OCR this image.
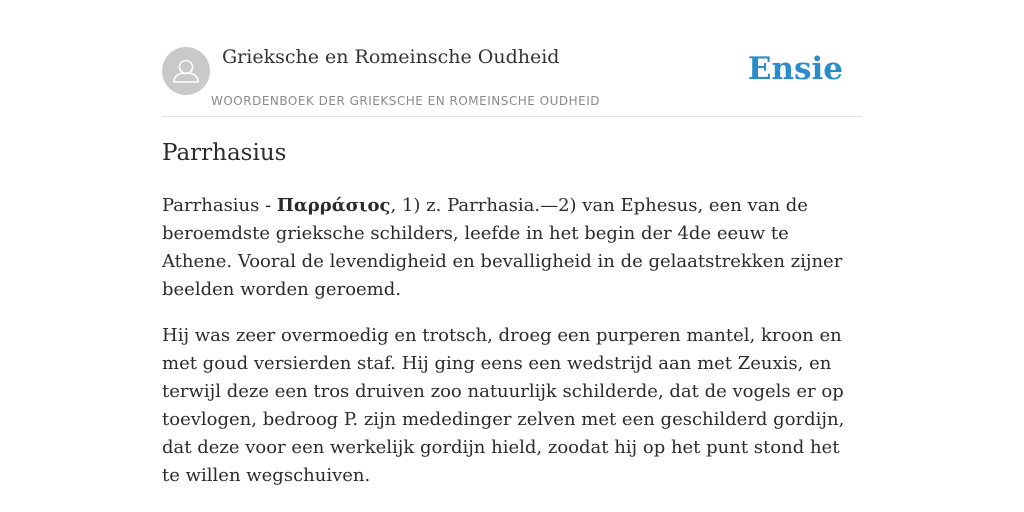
Grieksche en Romeinsche Oudheid
WOORDENBOEK DER GRIEKSCHE EN ROMEINSCHE OUDHEID
Ensie
Parrhasius

Parrhasius - Παρράσιος, 1) z. Parrhasia.—2) van Ephesus, een van de beroemdste grieksche schilders, leefde in het begin der 4de eeuw te Athene. Vooral de levendigheid en bevalligheid in de gelaatstrekken zijner beelden worden geroemd.

Hij was zeer overmoedig en trotsch, droeg een purperen mantel, kroon en met goud versierden staf. Hij ging eens een wedstrijd aan met Zeuxis, en terwijl deze een tros druiven zoo natuurlijk schilderde, dat de vogels er op toevlogen, bedroog P. zijn mededinger zelven met een geschilderd gordijn, dat deze voor een werkelijk gordijn hield, zoodat hij op het punt stond het te willen wegschuiven.
